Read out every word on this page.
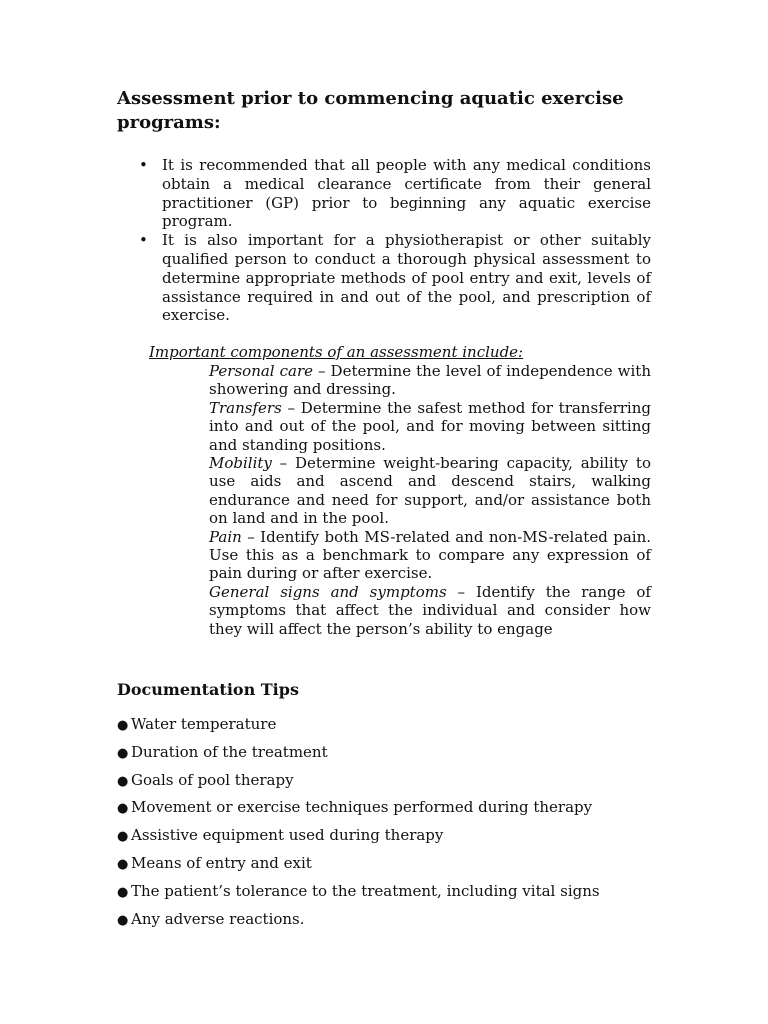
Assessment prior to commencing aquatic exercise programs:
• It is recommended that all people with any medical conditions obtain a medical clearance certificate from their general practitioner (GP) prior to beginning any aquatic exercise program.
• It is also important for a physiotherapist or other suitably qualified person to conduct a thorough physical assessment to determine appropriate methods of pool entry and exit, levels of assistance required in and out of the pool, and prescription of exercise.

Important components of an assessment include:

Personal care – Determine the level of independence with showering and dressing.
Transfers – Determine the safest method for transferring into and out of the pool, and for moving between sitting and standing positions.
Mobility – Determine weight-bearing capacity, ability to use aids and ascend and descend stairs, walking endurance and need for support, and/or assistance both on land and in the pool.
Pain – Identify both MS-related and non-MS-related pain. Use this as a benchmark to compare any expression of pain during or after exercise.
General signs and symptoms – Identify the range of symptoms that affect the individual and consider how they will affect the person’s ability to engage
Documentation Tips
● Water temperature
● Duration of the treatment
● Goals of pool therapy
● Movement or exercise techniques performed during therapy
● Assistive equipment used during therapy
● Means of entry and exit
● The patient’s tolerance to the treatment, including vital signs
● Any adverse reactions.
